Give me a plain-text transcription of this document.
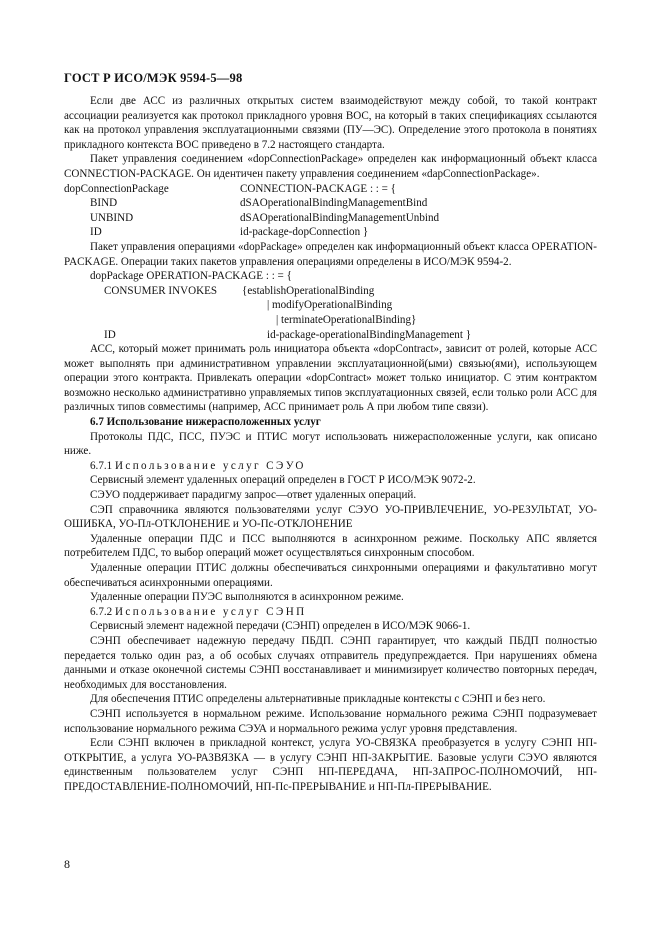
ГОСТ Р ИСО/МЭК 9594-5—98

Если две АСС из различных открытых систем взаимодействуют между собой, то такой контракт ассоциации реализуется как протокол прикладного уровня ВОС, на который в таких спецификациях ссылаются как на протокол управления эксплуатационными связями (ПУ—ЭС). Определение этого протокола в понятиях прикладного контекста ВОС приведено в 7.2 настоящего стандарта.

Пакет управления соединением «dopConnectionPackage» определен как информационный объект класса CONNECTION-PACKAGE. Он идентичен пакету управления соединением «dapConnectionPackage».

dopConnectionPackage	CONNECTION-PACKAGE : : = {
BIND	dSAOperationalBindingManagementBind
UNBIND	dSAOperationalBindingManagementUnbind
ID	id-package-dopConnection }

Пакет управления операциями «dopPackage» определен как информационный объект класса OPERATION-PACKAGE. Операции таких пакетов управления операциями определены в ИСО/МЭК 9594-2.

dopPackage OPERATION-PACKAGE : : = {
CONSUMER INVOKES	{establishOperationalBinding
| modifyOperationalBinding
| terminateOperationalBinding}
ID	id-package-operationalBindingManagement }

АСС, который может принимать роль инициатора объекта «dopContract», зависит от ролей, которые АСС может выполнять при административном управлении эксплуатационной(ыми) связью(ями), использующем операции этого контракта. Привлекать операции «dopContract» может только инициатор. С этим контрактом возможно несколько административно управляемых типов эксплуатационных связей, если только роли АСС для различных типов совместимы (например, АСС принимает роль А при любом типе связи).

6.7 Использование нижерасположенных услуг

Протоколы ПДС, ПСС, ПУЭС и ПТИС могут использовать нижерасположенные услуги, как описано ниже.

6.7.1 Использование услуг СЭУО

Сервисный элемент удаленных операций определен в ГОСТ Р ИСО/МЭК 9072-2.

СЭУО поддерживает парадигму запрос—ответ удаленных операций.

СЭП справочника являются пользователями услуг СЭУО УО-ПРИВЛЕЧЕНИЕ, УО-РЕЗУЛЬТАТ, УО-ОШИБКА, УО-Пл-ОТКЛОНЕНИЕ и УО-Пс-ОТКЛОНЕНИЕ

Удаленные операции ПДС и ПСС выполняются в асинхронном режиме. Поскольку АПС является потребителем ПДС, то выбор операций может осуществляться синхронным способом.

Удаленные операции ПТИС должны обеспечиваться синхронными операциями и факультативно могут обеспечиваться асинхронными операциями.

Удаленные операции ПУЭС выполняются в асинхронном режиме.

6.7.2 Использование услуг СЭНП

Сервисный элемент надежной передачи (СЭНП) определен в ИСО/МЭК 9066-1.

СЭНП обеспечивает надежную передачу ПБДП. СЭНП гарантирует, что каждый ПБДП полностью передается только один раз, а об особых случаях отправитель предупреждается. При нарушениях обмена данными и отказе оконечной системы СЭНП восстанавливает и минимизирует количество повторных передач, необходимых для восстановления.

Для обеспечения ПТИС определены альтернативные прикладные контексты с СЭНП и без него.

СЭНП используется в нормальном режиме. Использование нормального режима СЭНП подразумевает использование нормального режима СЭУА и нормального режима услуг уровня представления.

Если СЭНП включен в прикладной контекст, услуга УО-СВЯЗКА преобразуется в услугу СЭНП НП-ОТКРЫТИЕ, а услуга УО-РАЗВЯЗКА — в услугу СЭНП НП-ЗАКРЫТИЕ. Базовые услуги СЭУО являются единственным пользователем услуг СЭНП НП-ПЕРЕДАЧА, НП-ЗАПРОС-ПОЛНОМОЧИЙ, НП-ПРЕДОСТАВЛЕНИЕ-ПОЛНОМОЧИЙ, НП-Пс-ПРЕРЫВАНИЕ и НП-Пл-ПРЕРЫВАНИЕ.

8
